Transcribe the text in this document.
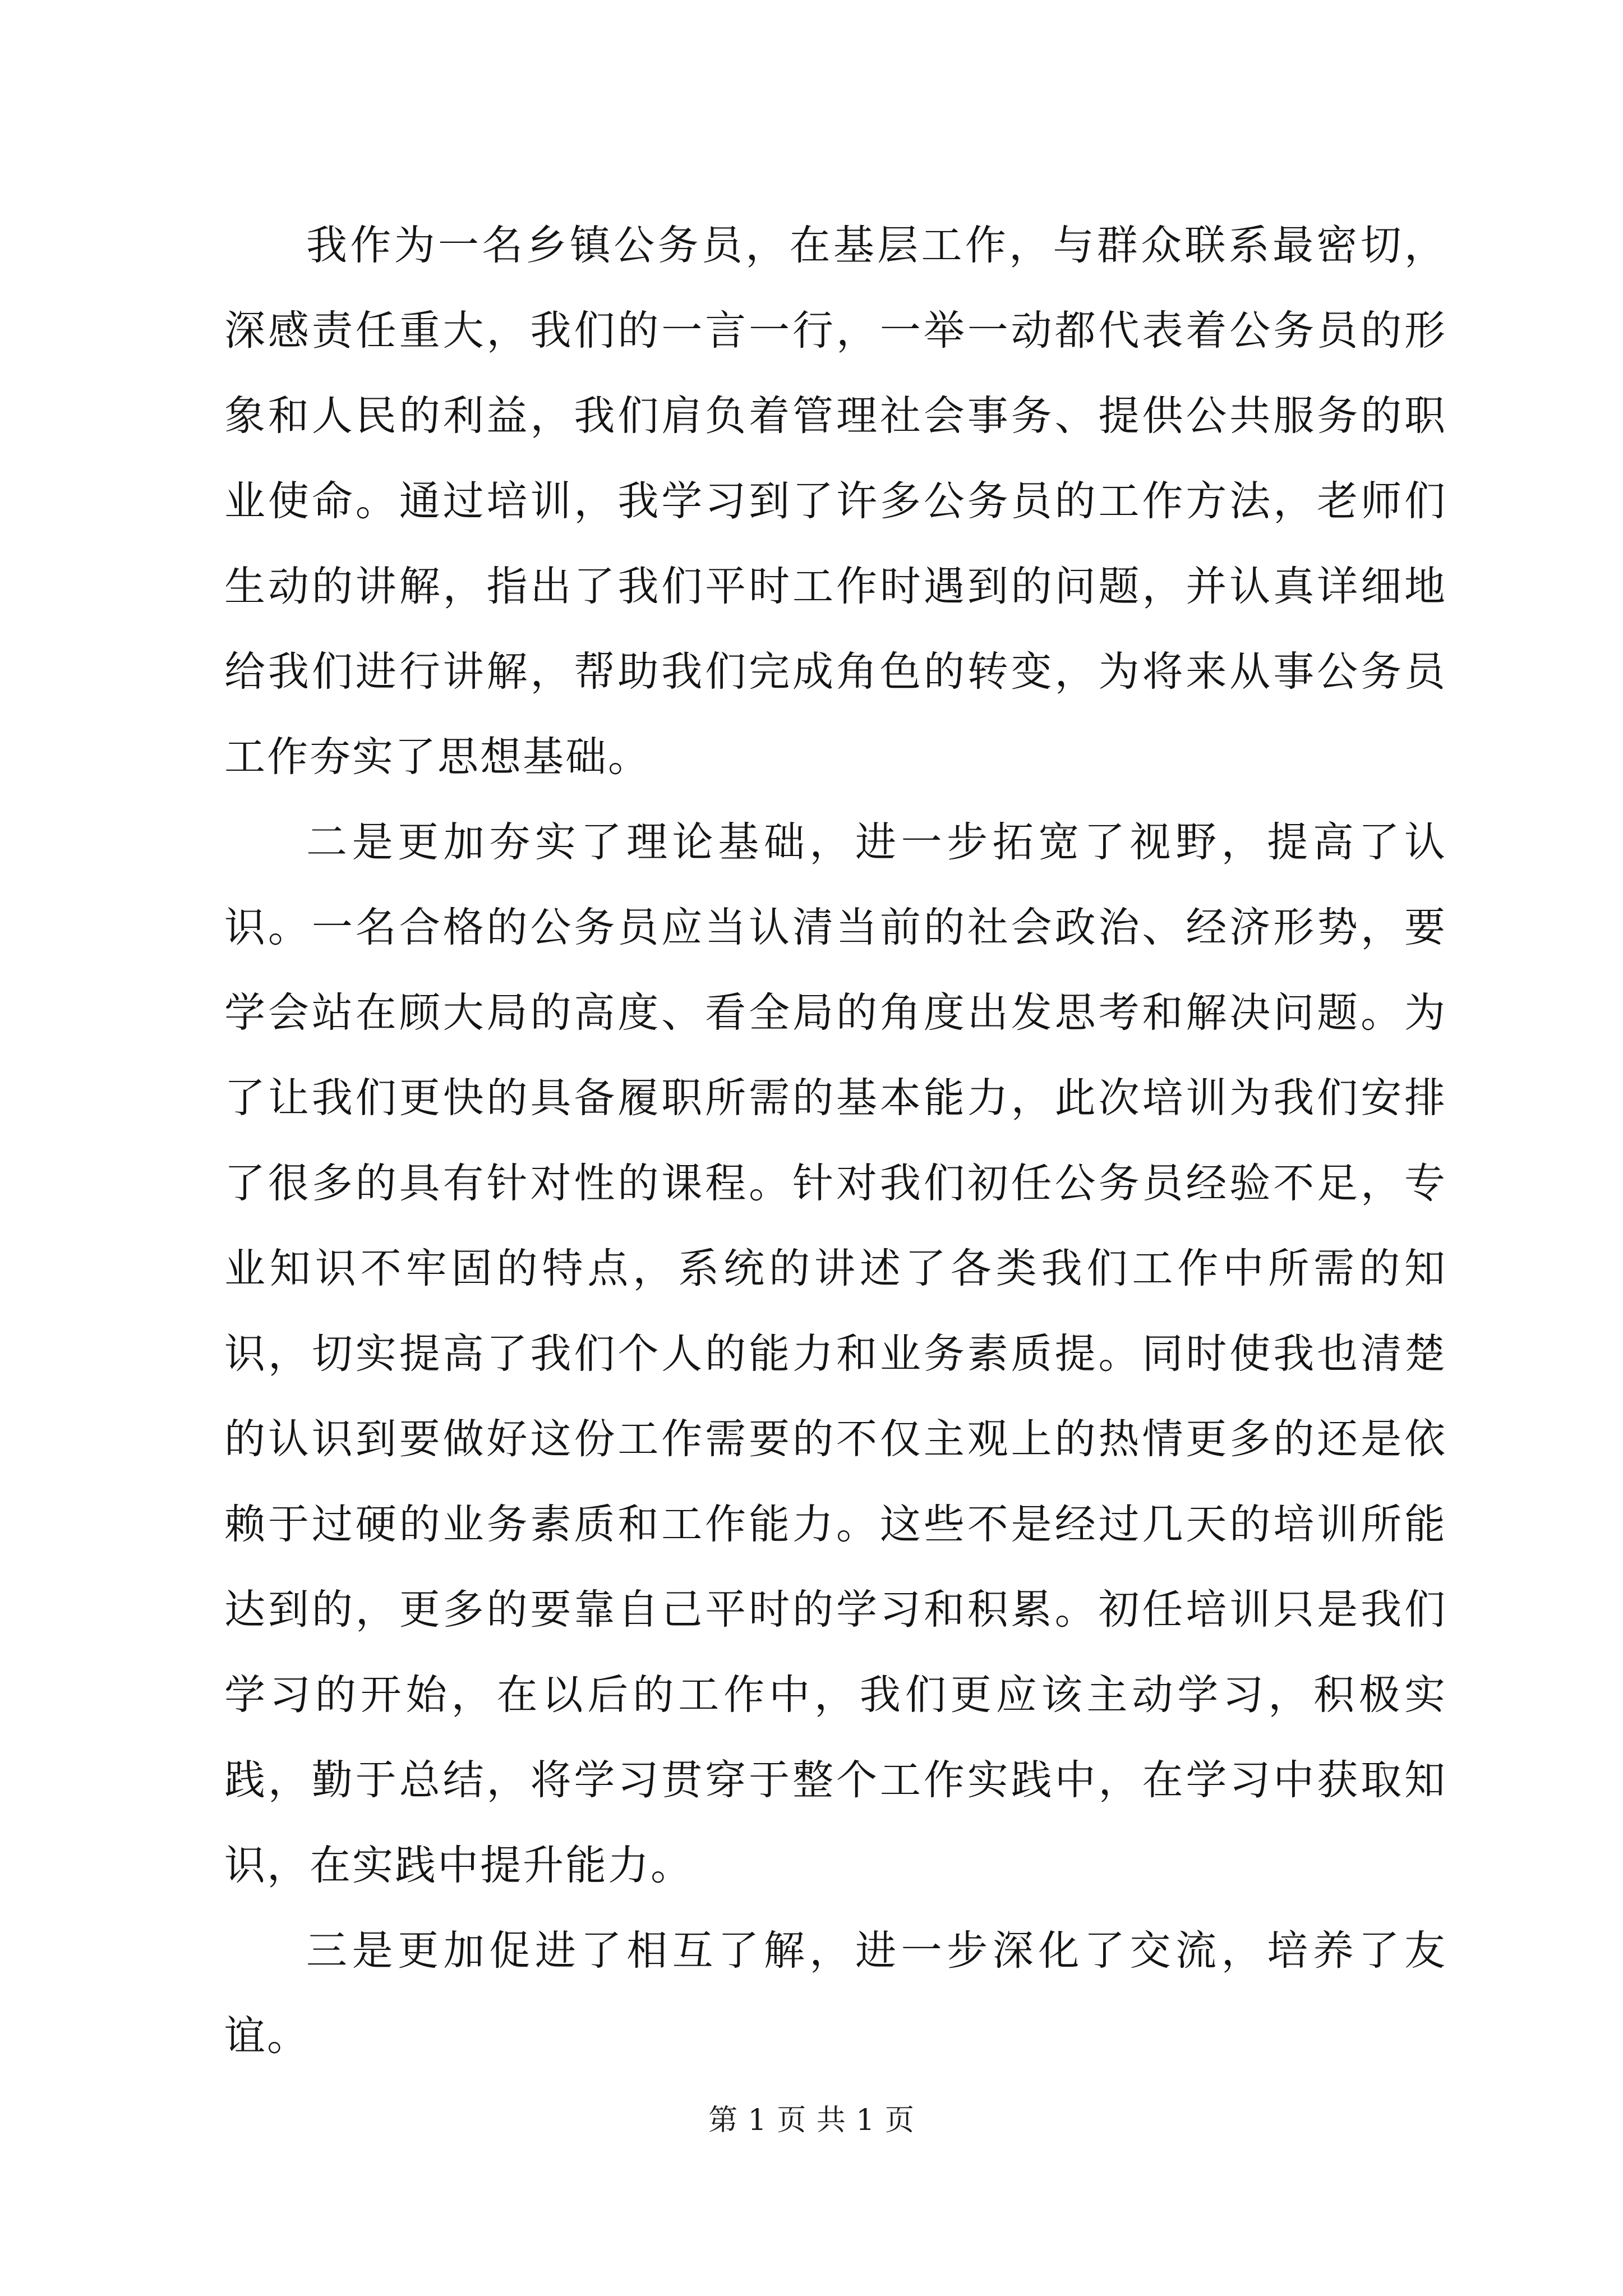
我作为一名乡镇公务员，在基层工作，与群众联系最密切，深感责任重大，我们的一言一行，一举一动都代表着公务员的形象和人民的利益，我们肩负着管理社会事务、提供公共服务的职业使命。通过培训，我学习到了许多公务员的工作方法，老师们生动的讲解，指出了我们平时工作时遇到的问题，并认真详细地给我们进行讲解，帮助我们完成角色的转变，为将来从事公务员工作夯实了思想基础。

二是更加夯实了理论基础，进一步拓宽了视野，提高了认识。一名合格的公务员应当认清当前的社会政治、经济形势，要学会站在顾大局的高度、看全局的角度出发思考和解决问题。为了让我们更快的具备履职所需的基本能力，此次培训为我们安排了很多的具有针对性的课程。针对我们初任公务员经验不足，专业知识不牢固的特点，系统的讲述了各类我们工作中所需的知识，切实提高了我们个人的能力和业务素质提。同时使我也清楚的认识到要做好这份工作需要的不仅主观上的热情更多的还是依赖于过硬的业务素质和工作能力。这些不是经过几天的培训所能达到的，更多的要靠自己平时的学习和积累。初任培训只是我们学习的开始，在以后的工作中，我们更应该主动学习，积极实践，勤于总结，将学习贯穿于整个工作实践中，在学习中获取知识，在实践中提升能力。

三是更加促进了相互了解，进一步深化了交流，培养了友谊。

第 1 页 共 1 页
